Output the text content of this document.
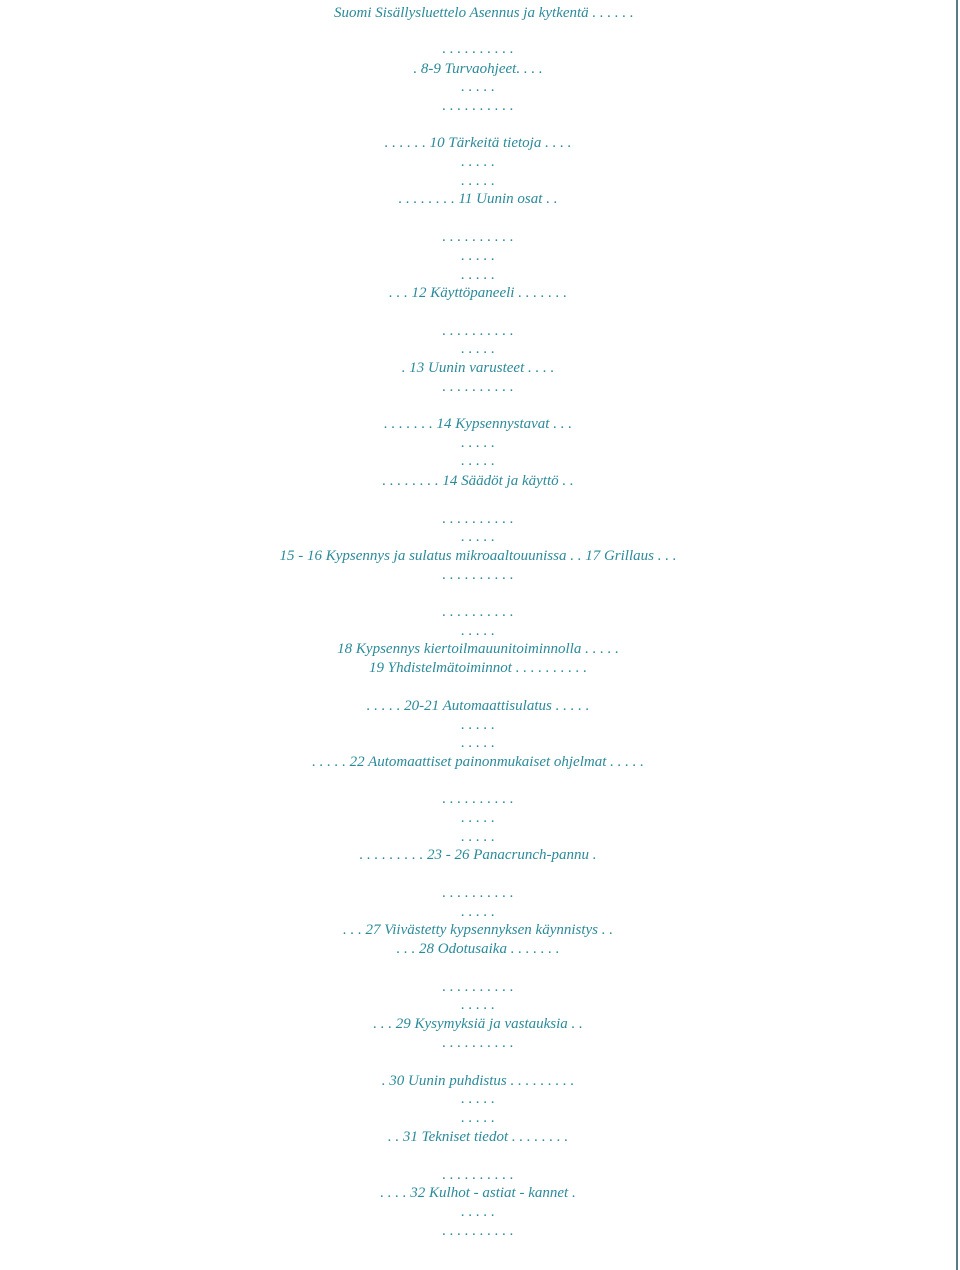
Suomi Sisällysluettelo Asennus ja kytkentä . . . . . .
. . . . . . . . . .
. 8-9 Turvaohjeet. . . .
. . . . .
. . . . . . . . . .
. . . . . . 10 Tärkeitä tietoja . . . .
. . . . .
. . . . .
. . . . . . . . 11 Uunin osat . .
. . . . . . . . . .
. . . . .
. . . . .
. . . 12 Käyttöpaneeli . . . . . . .
. . . . . . . . . .
. . . . .
. 13 Uunin varusteet . . . .
. . . . . . . . . .
. . . . . . . 14 Kypsennystavat . . .
. . . . .
. . . . .
. . . . . . . . 14 Säädöt ja käyttö . .
. . . . . . . . . .
. . . . .
15 - 16 Kypsennys ja sulatus mikroaaltouunissa . . 17 Grillaus . . .
. . . . . . . . . .
. . . . . . . . . .
. . . . .
18 Kypsennys kiertoilmauunitoiminnolla . . . . .
19 Yhdistelmätoiminnot . . . . . . . . . .
. . . . . 20-21 Automaattisulatus . . . . .
. . . . .
. . . . .
. . . . . 22 Automaattiset painonmukaiset ohjelmat . . . . .
. . . . . . . . . .
. . . . .
. . . . .
. . . . . . . . . 23 - 26 Panacrunch-pannu .
. . . . . . . . . .
. . . . .
. . . 27 Viivästetty kypsennyksen käynnistys . .
. . . 28 Odotusaika . . . . . . .
. . . . . . . . . .
. . . . .
. . . 29 Kysymyksiä ja vastauksia . .
. . . . . . . . . .
. 30 Uunin puhdistus . . . . . . . . .
. . . . .
. . . . .
. . 31 Tekniset tiedot . . . . . . . .
. . . . . . . . . .
. . . . 32 Kulhot - astiat - kannet .
. . . . .
. . . . . . . . . .
